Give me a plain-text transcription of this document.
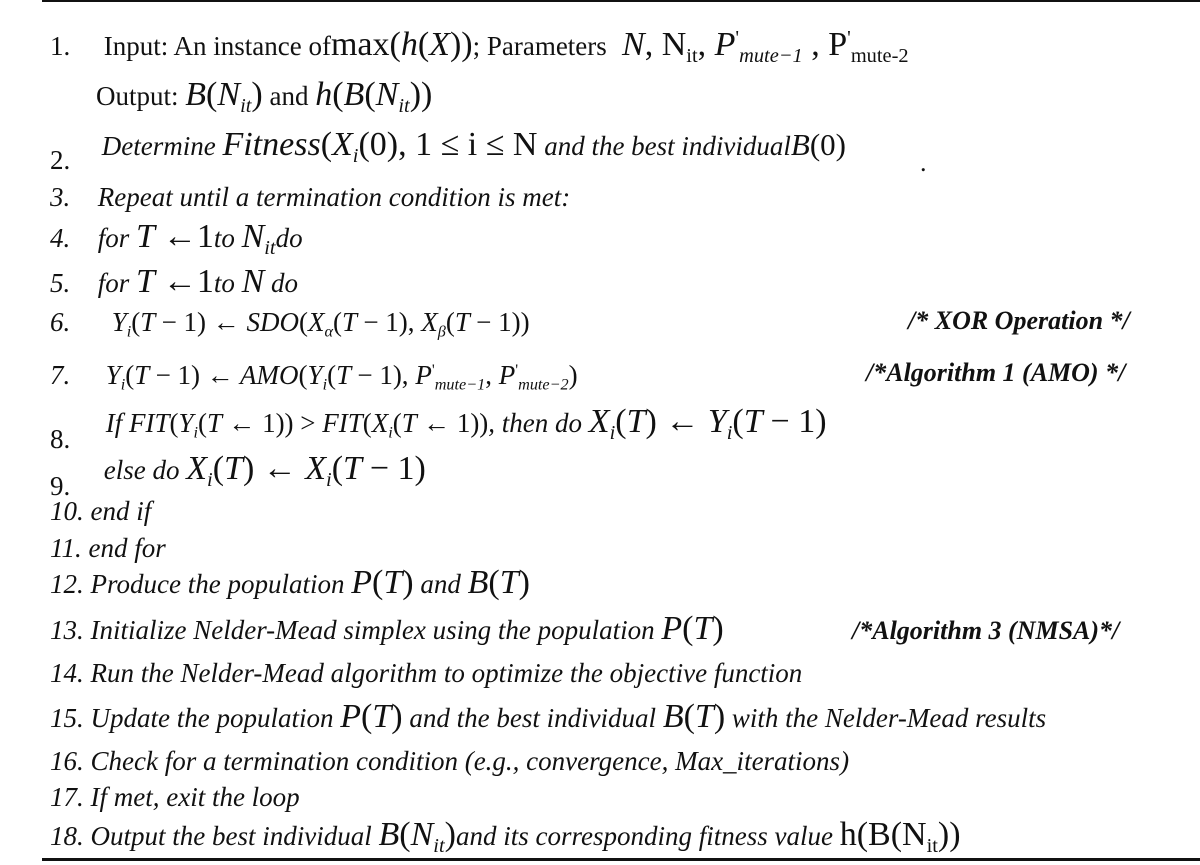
1. Input: An instance ofmax(h(X)); Parameters  N, $N_{it}$, $P'_{mute-1}$ , $P'_{mute-2}$
Output: $B(N_{it})$ and $h(B(N_{it}))$
2. Determine $Fitness(X_i(0)$, 1 ≤ i ≤ N and the best individualB(0)
.
3. Repeat until a termination condition is met:
4. for T ←1to $N_{it}do$
5. for T ←1to N do
6. $Y_i(T - 1)$ ← $SDO(X_\alpha(T - 1)$, $X_\beta(T - 1)$)	/* XOR Operation */
7. $Y_i(T - 1)$ ← $AMO(Y_i(T - 1)$, $P'_{mute-1}$, $P'_{mute-2}$)	/*Algorithm 1 (AMO) */
8.  If $FIT(Y_i(T$ ← $1)) > FIT(X_i(T$ ← 1)), then do $X_i(T)$ ← $Y_i(T - 1)$
9.  else do $X_i(T)$ ← $X_i(T - 1)$
10. end if
11. end for
12. Produce the population P(T) and B(T)
13. Initialize Nelder-Mead simplex using the population P(T)	/*Algorithm 3 (NMSA)*/
14. Run the Nelder-Mead algorithm to optimize the objective function
15. Update the population P(T) and the best individual B(T) with the Nelder-Mead results
16. Check for a termination condition (e.g., convergence, Max_iterations)
17. If met, exit the loop
18. Output the best individual $B(N_{it})and$ its corresponding fitness value $h(B(N_{it}))$
